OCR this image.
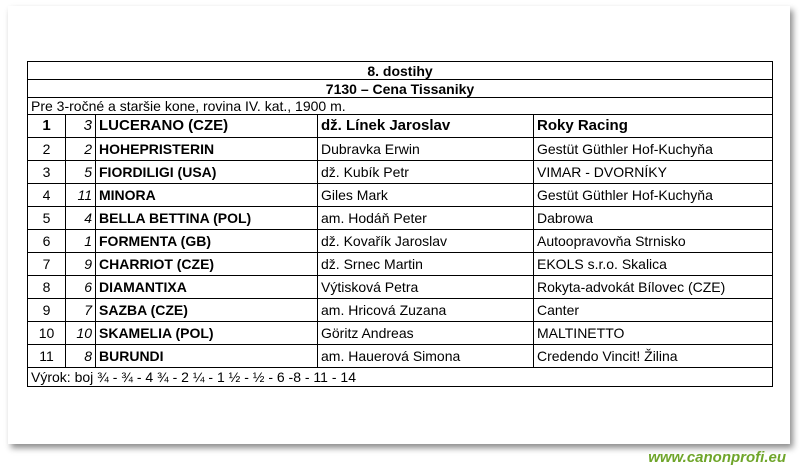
8. dostihy				
7130 – Cena Tissaniky				
Pre 3-ročné a staršie kone, rovina IV. kat., 1900 m.				
1	3	LUCERANO (CZE)	dž. Línek Jaroslav	Roky Racing
2	2	HOHEPRISTERIN	Dubravka Erwin	Gestüt Güthler Hof-Kuchyňa
3	5	FIORDILIGI (USA)	dž. Kubík Petr	VIMAR - DVORNÍKY
4	11	MINORA	Giles Mark	Gestüt Güthler Hof-Kuchyňa
5	4	BELLA BETTINA (POL)	am. Hodáň Peter	Dabrowa
6	1	FORMENTA (GB)	dž. Kovařík Jaroslav	Autoopravovňa Strnisko
7	9	CHARRIOT (CZE)	dž. Srnec Martin	EKOLS s.r.o. Skalica
8	6	DIAMANTIXA	Výtisková Petra	Rokyta-advokát Bílovec (CZE)
9	7	SAZBA (CZE)	am. Hricová Zuzana	Canter
10	10	SKAMELIA (POL)	Göritz Andreas	MALTINETTO
11	8	BURUNDI	am. Hauerová Simona	Credendo Vincit! Žilina
Výrok: boj ¾ - ¾ - 4 ¾ - 2 ¼ - 1 ½ - ½ - 6 -8 - 11 - 14				
www.canonprofi.eu
